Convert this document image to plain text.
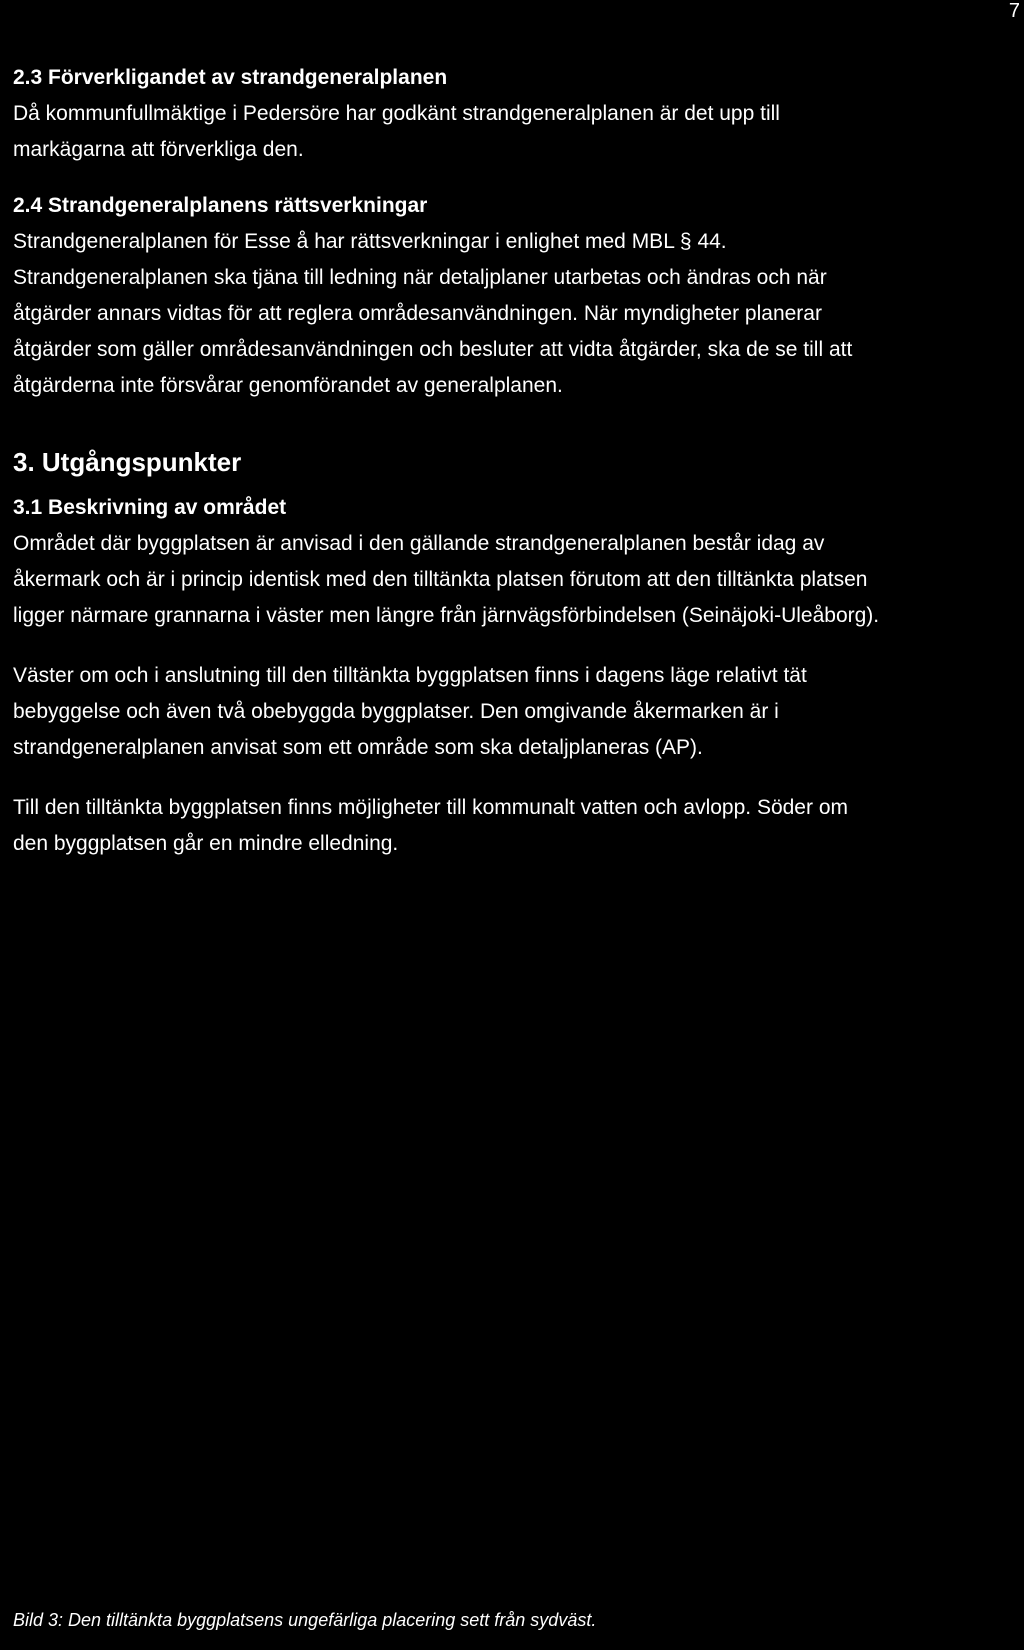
7
2.3 Förverkligandet av strandgeneralplanen

Då kommunfullmäktige i Pedersöre har godkänt strandgeneralplanen är det upp till

markägarna att förverkliga den.

2.4 Strandgeneralplanens rättsverkningar

Strandgeneralplanen för Esse å har rättsverkningar i enlighet med MBL § 44.

Strandgeneralplanen ska tjäna till ledning när detaljplaner utarbetas och ändras och när

åtgärder annars vidtas för att reglera områdesanvändningen. När myndigheter planerar

åtgärder som gäller områdesanvändningen och besluter att vidta åtgärder, ska de se till att

åtgärderna inte försvårar genomförandet av generalplanen.

3. Utgångspunkter
3.1 Beskrivning av området

Området där byggplatsen är anvisad i den gällande strandgeneralplanen består idag av

åkermark och är i princip identisk med den tilltänkta platsen förutom att den tilltänkta platsen

ligger närmare grannarna i väster men längre från järnvägsförbindelsen (Seinäjoki-Uleåborg).

Väster om och i anslutning till den tilltänkta byggplatsen finns i dagens läge relativt tät

bebyggelse och även två obebyggda byggplatser. Den omgivande åkermarken är i

strandgeneralplanen anvisat som ett område som ska detaljplaneras (AP).

Till den tilltänkta byggplatsen finns möjligheter till kommunalt vatten och avlopp. Söder om

den byggplatsen går en mindre elledning.

Bild 3: Den tilltänkta byggplatsens ungefärliga placering sett från sydväst.
